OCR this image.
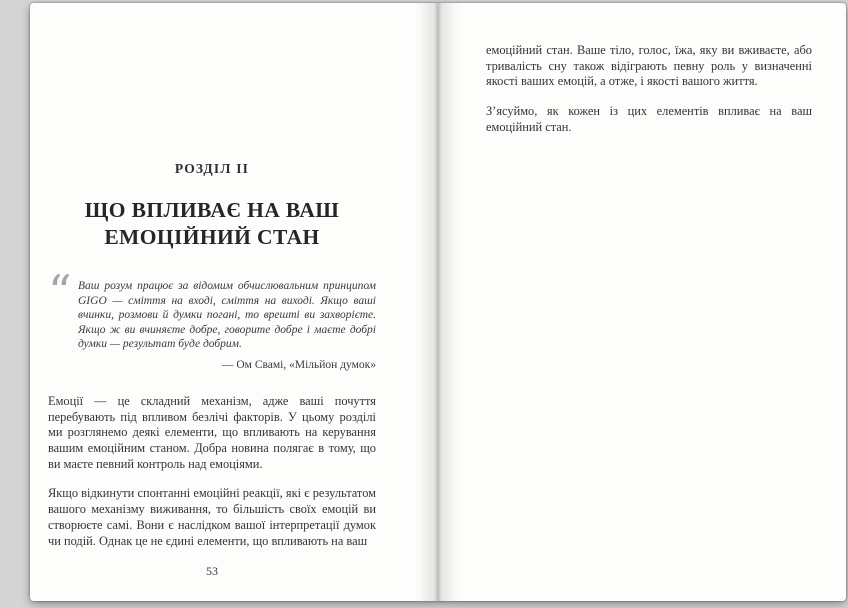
РОЗДІЛ II
ЩО ВПЛИВАЄ НА ВАШ
ЕМОЦІЙНИЙ СТАН
“ Ваш розум працює за відомим обчислювальним принципом GIGO — сміття на вході, сміття на виході. Якщо ваші вчинки, розмови й думки погані, то врешті ви захворієте. Якщо ж ви вчиняєте добре, говорите добре і маєте добрі думки — результат буде добрим.
— Ом Свамі, «Мільйон думок»

Емоції — це складний механізм, адже ваші почуття перебувають під впливом безлічі факторів. У цьому розділі ми розглянемо деякі елементи, що впливають на керування вашим емоційним станом. Добра новина полягає в тому, що ви маєте певний контроль над емоціями.

Якщо відкинути спонтанні емоційні реакції, які є результатом вашого механізму виживання, то більшість своїх емоцій ви створюєте самі. Вони є наслідком вашої інтерпретації думок чи подій. Однак це не єдині елементи, що впливають на ваш

53

емоційний стан. Ваше тіло, голос, їжа, яку ви вживаєте, або тривалість сну також відіграють певну роль у визначенні якості ваших емоцій, а отже, і якості вашого життя.

З’ясуймо, як кожен із цих елементів впливає на ваш емоційний стан.
